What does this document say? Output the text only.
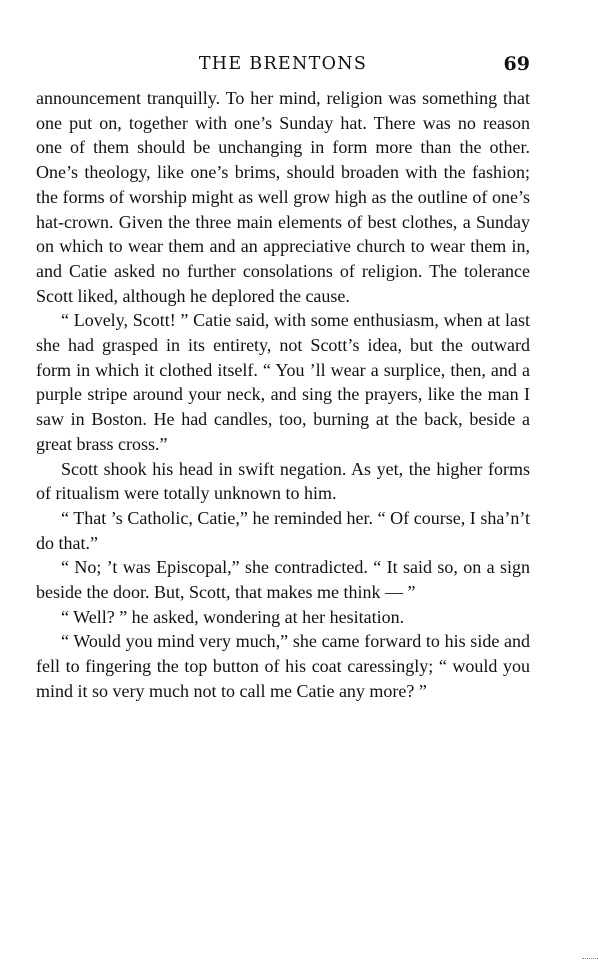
THE BRENTONS	69

announcement tranquilly. To her mind, religion was something that one put on, together with one’s Sunday hat. There was no reason one of them should be unchanging in form more than the other. One’s theology, like one’s brims, should broaden with the fashion; the forms of worship might as well grow high as the outline of one’s hat-crown. Given the three main elements of best clothes, a Sunday on which to wear them and an appreciative church to wear them in, and Catie asked no further consolations of religion. The tolerance Scott liked, although he deplored the cause.

“ Lovely, Scott! ” Catie said, with some enthusiasm, when at last she had grasped in its entirety, not Scott’s idea, but the outward form in which it clothed itself. “ You ’ll wear a surplice, then, and a purple stripe around your neck, and sing the prayers, like the man I saw in Boston. He had candles, too, burning at the back, beside a great brass cross.”

Scott shook his head in swift negation. As yet, the higher forms of ritualism were totally unknown to him.

“ That ’s Catholic, Catie,” he reminded her. “ Of course, I sha’n’t do that.”

“ No; ’t was Episcopal,” she contradicted. “ It said so, on a sign beside the door. But, Scott, that makes me think — ”

“ Well? ” he asked, wondering at her hesitation.

“ Would you mind very much,” she came forward to his side and fell to fingering the top button of his coat caressingly; “ would you mind it so very much not to call me Catie any more? ”
